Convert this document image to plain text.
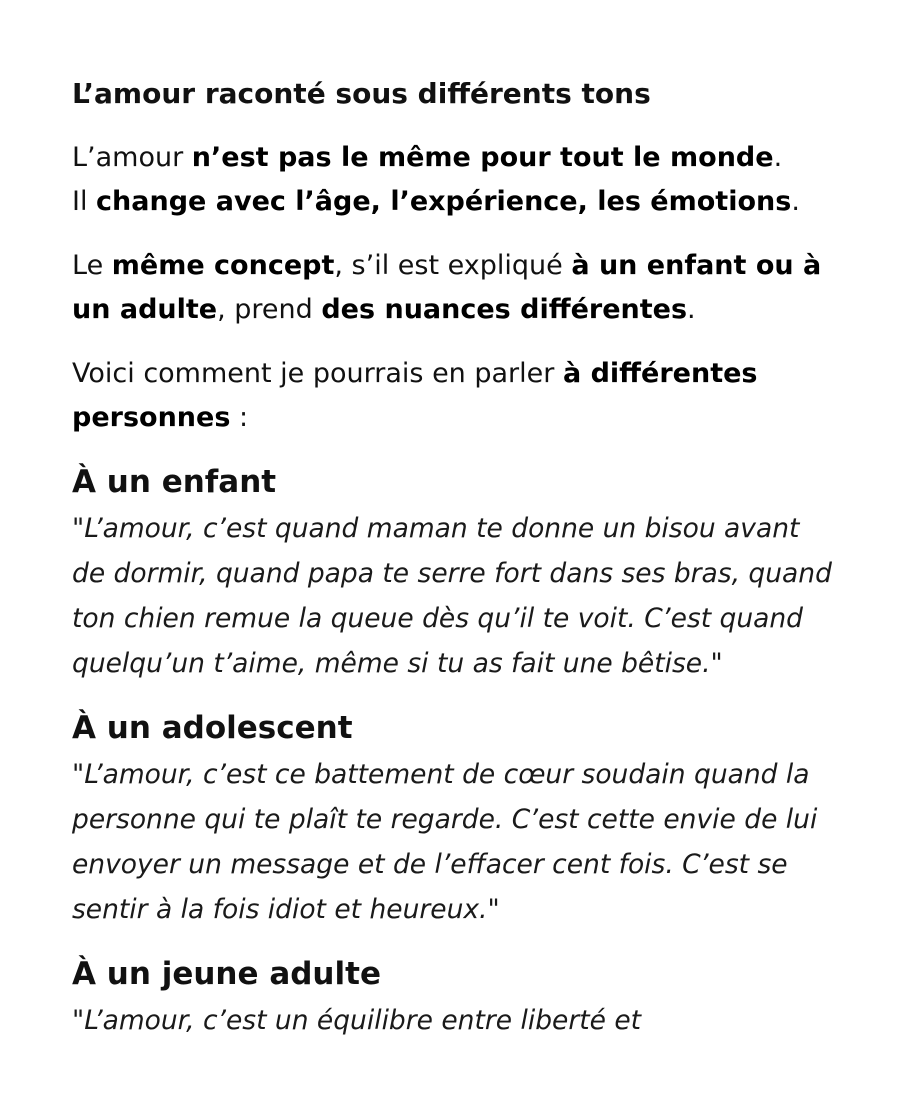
L’amour raconté sous différents tons

L’amour n’est pas le même pour tout le monde.
Il change avec l’âge, l’expérience, les émotions.

Le même concept, s’il est expliqué à un enfant ou à un adulte, prend des nuances différentes.

Voici comment je pourrais en parler à différentes personnes :

À un enfant

"L’amour, c’est quand maman te donne un bisou avant de dormir, quand papa te serre fort dans ses bras, quand ton chien remue la queue dès qu’il te voit. C’est quand quelqu’un t’aime, même si tu as fait une bêtise."

À un adolescent

"L’amour, c’est ce battement de cœur soudain quand la personne qui te plaît te regarde. C’est cette envie de lui envoyer un message et de l’effacer cent fois. C’est se sentir à la fois idiot et heureux."

À un jeune adulte

"L’amour, c’est un équilibre entre liberté et
